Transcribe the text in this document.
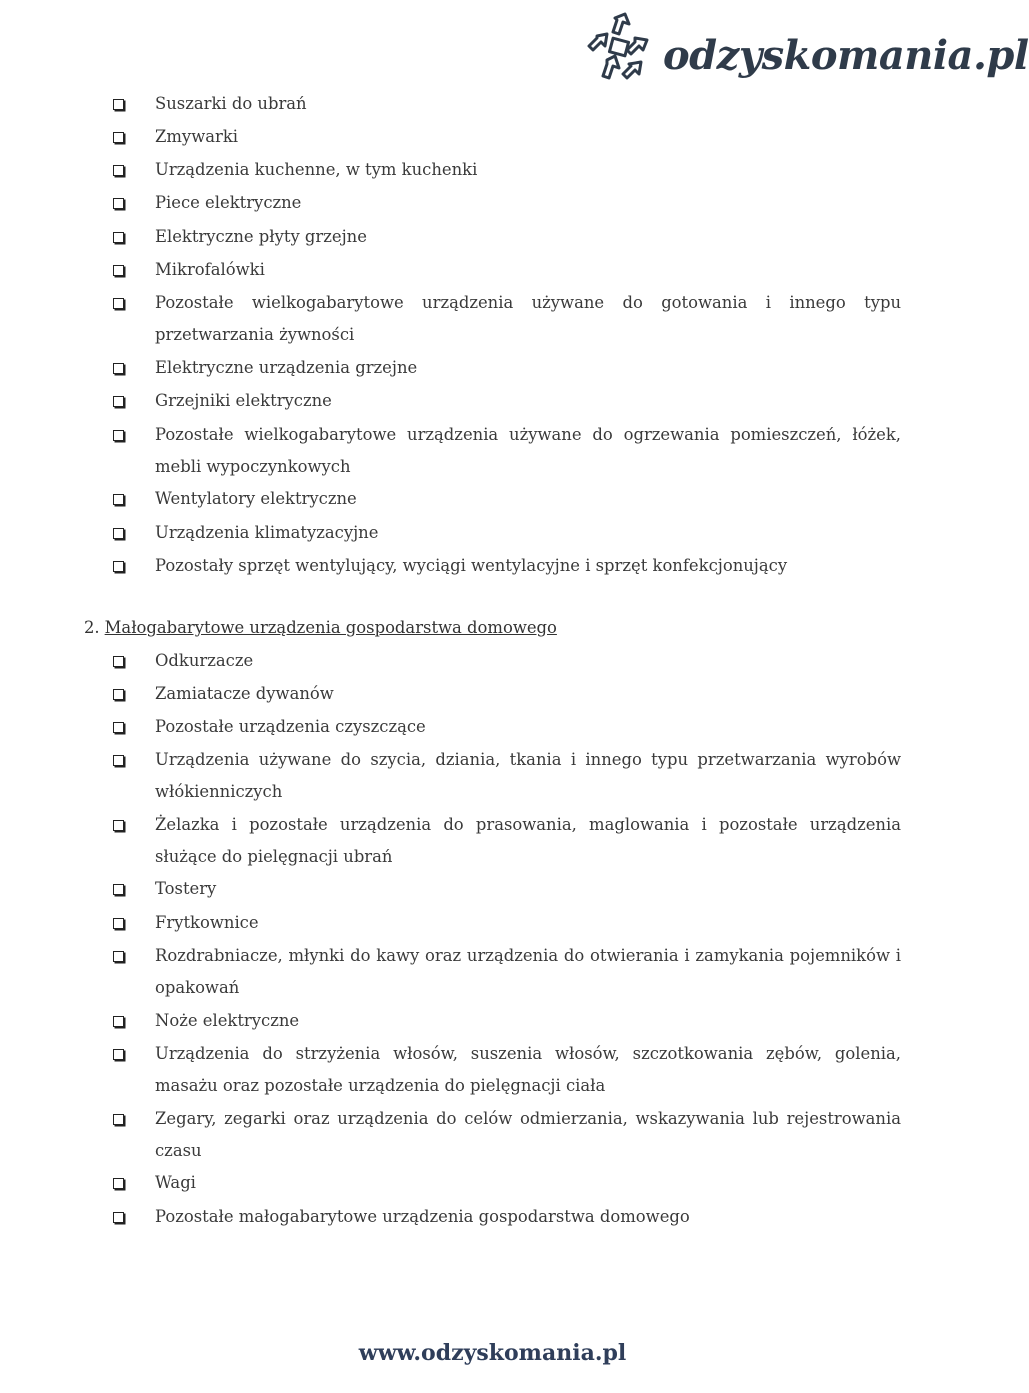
odzyskomania.pl
Suszarki do ubrań
Zmywarki
Urządzenia kuchenne, w tym kuchenki
Piece elektryczne
Elektryczne płyty grzejne
Mikrofalówki
Pozostałe wielkogabarytowe urządzenia używane do gotowania i innego typu przetwarzania żywności
Elektryczne urządzenia grzejne
Grzejniki elektryczne
Pozostałe wielkogabarytowe urządzenia używane do ogrzewania pomieszczeń, łóżek, mebli wypoczynkowych
Wentylatory elektryczne
Urządzenia klimatyzacyjne
Pozostały sprzęt wentylujący, wyciągi wentylacyjne i sprzęt konfekcjonujący
2. Małogabarytowe urządzenia gospodarstwa domowego
Odkurzacze
Zamiatacze dywanów
Pozostałe urządzenia czyszczące
Urządzenia używane do szycia, dziania, tkania i innego typu przetwarzania wyrobów włókienniczych
Żelazka i pozostałe urządzenia do prasowania, maglowania i pozostałe urządzenia służące do pielęgnacji ubrań
Tostery
Frytkownice
Rozdrabniacze, młynki do kawy oraz urządzenia do otwierania i zamykania pojemników i opakowań
Noże elektryczne
Urządzenia do strzyżenia włosów, suszenia włosów, szczotkowania zębów, golenia, masażu oraz pozostałe urządzenia do pielęgnacji ciała
Zegary, zegarki oraz urządzenia do celów odmierzania, wskazywania lub rejestrowania czasu
Wagi
Pozostałe małogabarytowe urządzenia gospodarstwa domowego
www.odzyskomania.pl
